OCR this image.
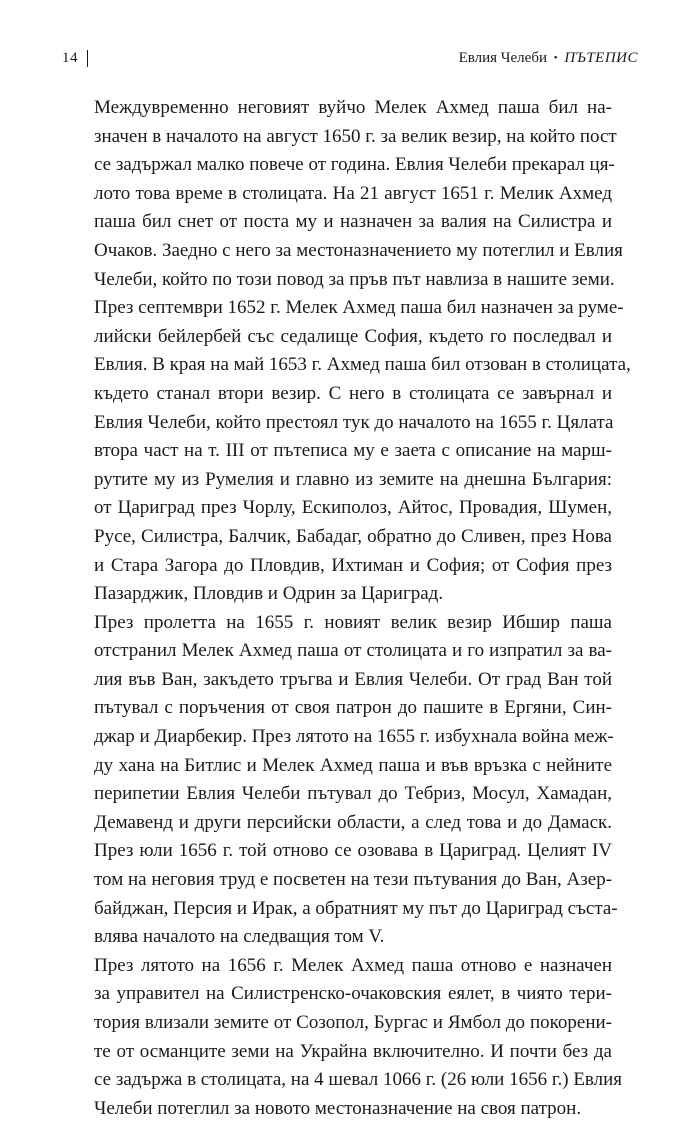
14	Евлия Челеби • ПЪТЕПИС

Междувременно неговият вуйчо Мелек Ахмед паша бил на-
значен в началото на август 1650 г. за велик везир, на който пост
се задържал малко повече от година. Евлия Челеби прекарал ця-
лото това време в столицата. На 21 август 1651 г. Мелик Ахмед
паша бил снет от поста му и назначен за валия на Силистра и
Очаков. Заедно с него за местоназначението му потеглил и Евлия
Челеби, който по този повод за пръв път навлиза в нашите земи.
През септември 1652 г. Мелек Ахмед паша бил назначен за руме-
лийски бейлербей със седалище София, където го последвал и
Евлия. В края на май 1653 г. Ахмед паша бил отзован в столицата,
където станал втори везир. С него в столицата се завърнал и
Евлия Челеби, който престоял тук до началото на 1655 г. Цялата
втора част на т. III от пътеписа му е заета с описание на марш-
рутите му из Румелия и главно из земите на днешна България:
от Цариград през Чорлу, Ескиполоз, Айтос, Провадия, Шумен,
Русе, Силистра, Балчик, Бабадаг, обратно до Сливен, през Нова
и Стара Загора до Пловдив, Ихтиман и София; от София през
Пазарджик, Пловдив и Одрин за Цариград.

През пролетта на 1655 г. новият велик везир Ибшир паша
отстранил Мелек Ахмед паша от столицата и го изпратил за ва-
лия във Ван, закъдето тръгва и Евлия Челеби. От град Ван той
пътувал с поръчения от своя патрон до пашите в Ергяни, Син-
джар и Диарбекир. През лятото на 1655 г. избухнала война меж-
ду хана на Битлис и Мелек Ахмед паша и във връзка с нейните
перипетии Евлия Челеби пътувал до Тебриз, Мосул, Хамадан,
Демавенд и други персийски области, а след това и до Дамаск.
През юли 1656 г. той отново се озовава в Цариград. Целият IV
том на неговия труд е посветен на тези пътувания до Ван, Азер-
байджан, Персия и Ирак, а обратният му път до Цариград съста-
влява началото на следващия том V.

През лятото на 1656 г. Мелек Ахмед паша отново е назначен
за управител на Силистренско-очаковския еялет, в чиято тери-
тория влизали земите от Созопол, Бургас и Ямбол до покорени-
те от османците земи на Украйна включително. И почти без да
се задържа в столицата, на 4 шевал 1066 г. (26 юли 1656 г.) Евлия
Челеби потеглил за новото местоназначение на своя патрон.
